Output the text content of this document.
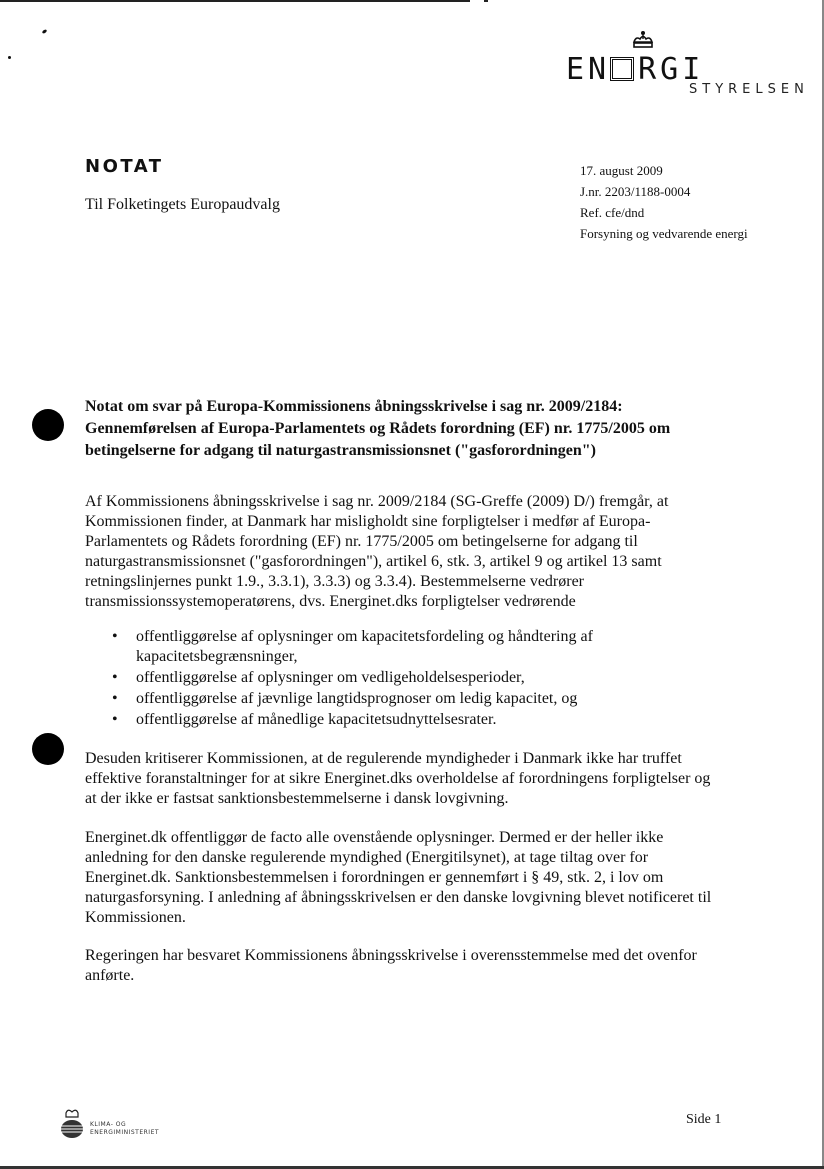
EN RGI
STYRELSEN
NOTAT
Til Folketingets Europaudvalg
17. august 2009
J.nr. 2203/1188-0004
Ref. cfe/dnd
Forsyning og vedvarende energi
Notat om svar på Europa-Kommissionens åbningsskrivelse i sag nr. 2009/2184: Gennemførelsen af Europa-Parlamentets og Rådets forordning (EF) nr. 1775/2005 om betingelserne for adgang til naturgastransmissionsnet ("gasforordningen")
Af Kommissionens åbningsskrivelse i sag nr. 2009/2184 (SG-Greffe (2009) D/) fremgår, at Kommissionen finder, at Danmark har misligholdt sine forpligtelser i medfør af Europa-Parlamentets og Rådets forordning (EF) nr. 1775/2005 om betingelserne for adgang til naturgastransmissionsnet ("gasforordningen"), artikel 6, stk. 3, artikel 9 og artikel 13 samt retningslinjernes punkt 1.9., 3.3.1), 3.3.3) og 3.3.4). Bestemmelserne vedrører transmissionssystemoperatørens, dvs. Energinet.dks forpligtelser vedrørende
• offentliggørelse af oplysninger om kapacitetsfordeling og håndtering af kapacitetsbegrænsninger,
• offentliggørelse af oplysninger om vedligeholdelsesperioder,
• offentliggørelse af jævnlige langtidsprognoser om ledig kapacitet, og
• offentliggørelse af månedlige kapacitetsudnyttelsesrater.
Desuden kritiserer Kommissionen, at de regulerende myndigheder i Danmark ikke har truffet effektive foranstaltninger for at sikre Energinet.dks overholdelse af forordningens forpligtelser og at der ikke er fastsat sanktionsbestemmelserne i dansk lovgivning.
Energinet.dk offentliggør de facto alle ovenstående oplysninger. Dermed er der heller ikke anledning for den danske regulerende myndighed (Energitilsynet), at tage tiltag over for Energinet.dk. Sanktionsbestemmelsen i forordningen er gennemført i § 49, stk. 2, i lov om naturgasforsyning. I anledning af åbningsskrivelsen er den danske lovgivning blevet notificeret til Kommissionen.
Regeringen har besvaret Kommissionens åbningsskrivelse i overensstemmelse med det ovenfor anførte.
KLIMA- OG
ENERGIMINISTERIET
Side 1
